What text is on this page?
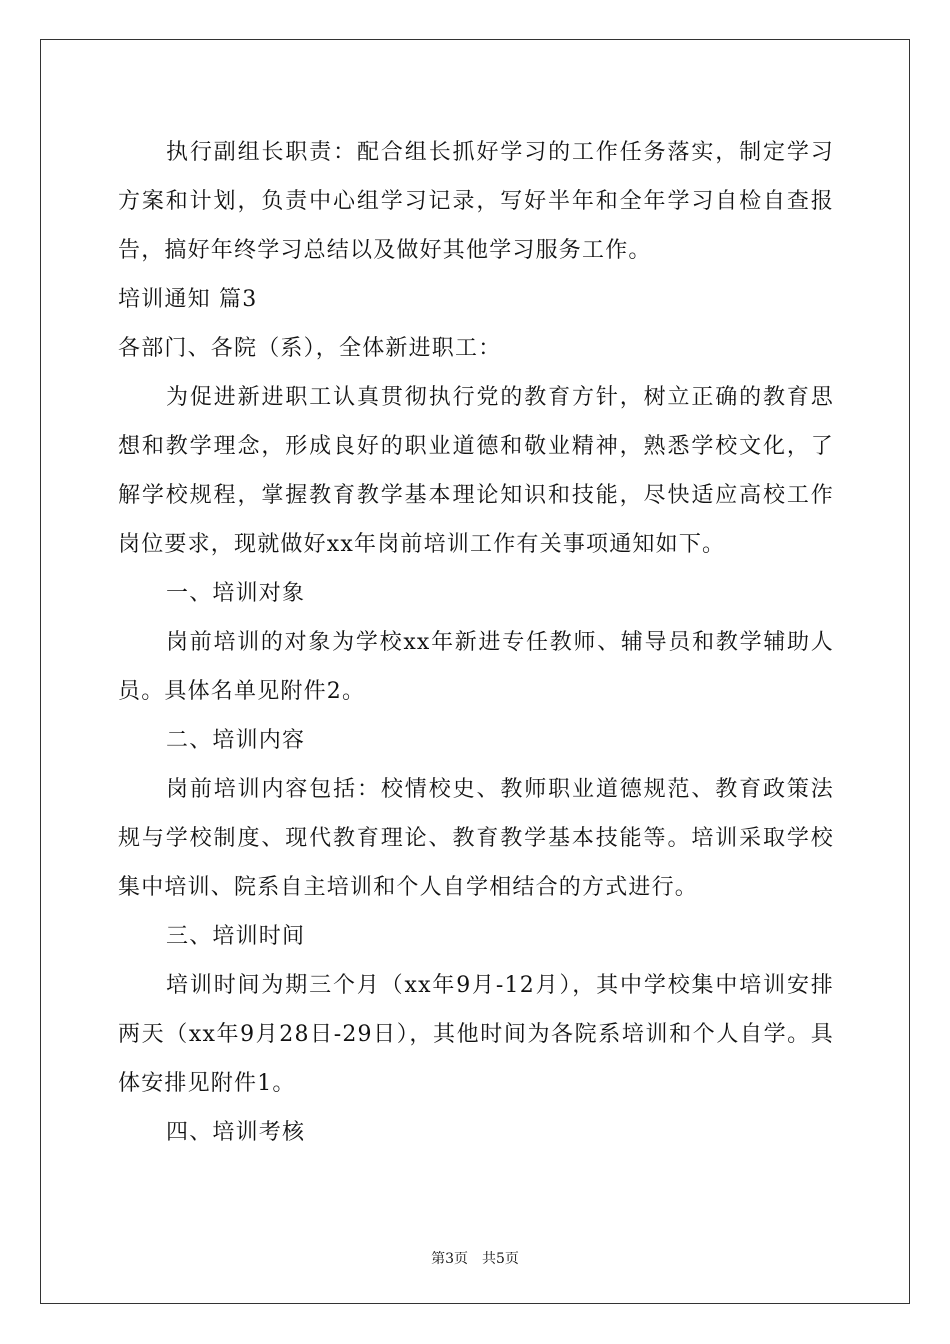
执行副组长职责：配合组长抓好学习的工作任务落实，制定学习方案和计划，负责中心组学习记录，写好半年和全年学习自检自查报告，搞好年终学习总结以及做好其他学习服务工作。

培训通知 篇3

各部门、各院（系），全体新进职工：

为促进新进职工认真贯彻执行党的教育方针，树立正确的教育思想和教学理念，形成良好的职业道德和敬业精神，熟悉学校文化，了解学校规程，掌握教育教学基本理论知识和技能，尽快适应高校工作岗位要求，现就做好xx年岗前培训工作有关事项通知如下。

一、培训对象

岗前培训的对象为学校xx年新进专任教师、辅导员和教学辅助人员。具体名单见附件2。

二、培训内容

岗前培训内容包括：校情校史、教师职业道德规范、教育政策法规与学校制度、现代教育理论、教育教学基本技能等。培训采取学校集中培训、院系自主培训和个人自学相结合的方式进行。

三、培训时间

培训时间为期三个月（xx年9月-12月），其中学校集中培训安排两天（xx年9月28日-29日），其他时间为各院系培训和个人自学。具体安排见附件1。

四、培训考核

第3页　共5页
